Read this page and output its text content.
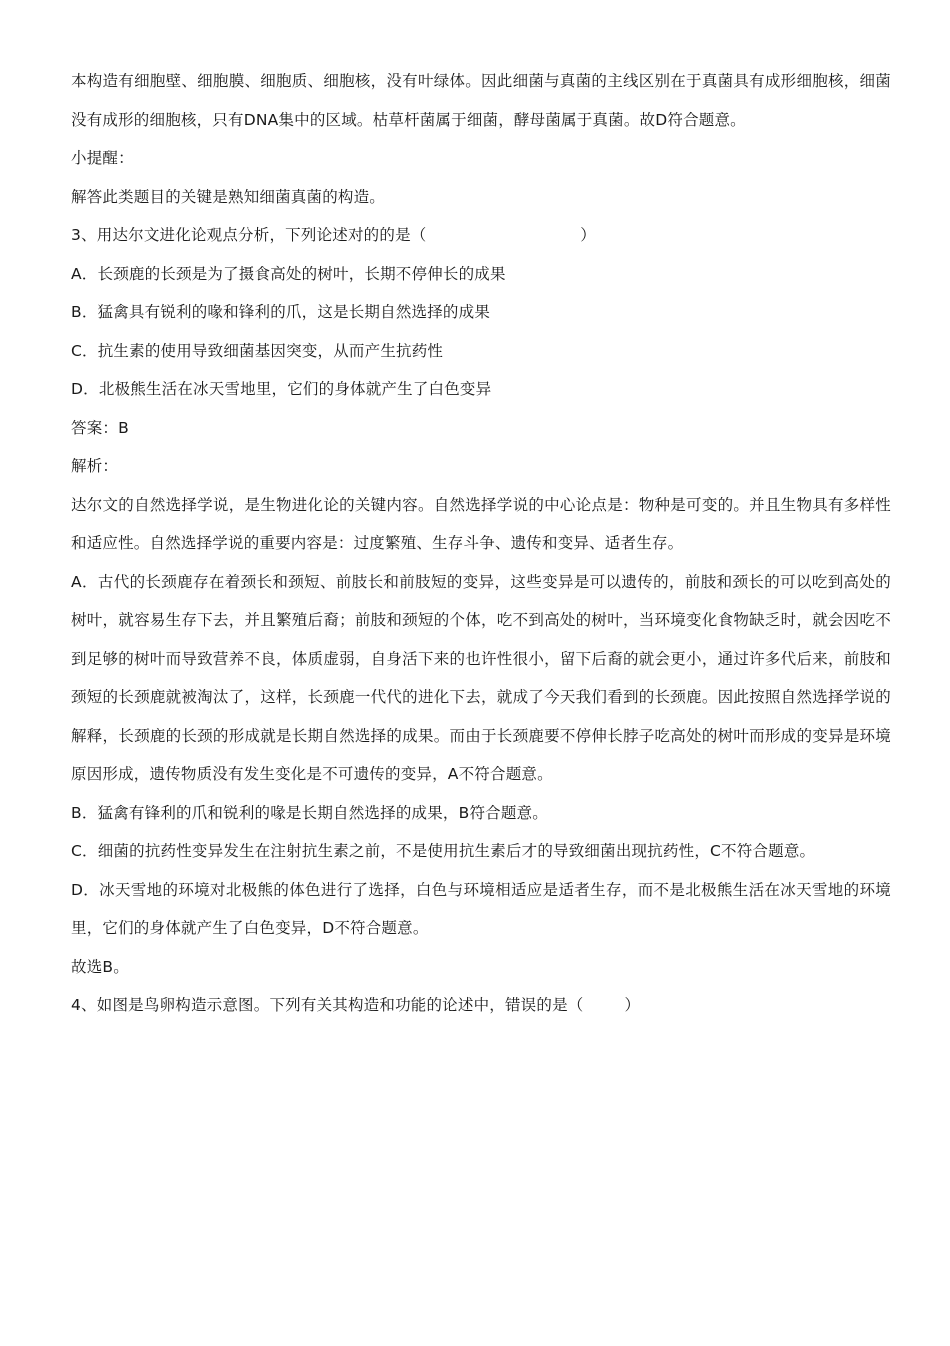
本构造有细胞壁、细胞膜、细胞质、细胞核，没有叶绿体。因此细菌与真菌的主线区别在于真菌具有成形细胞核，细菌没有成形的细胞核，只有DNA集中的区域。枯草杆菌属于细菌，酵母菌属于真菌。故D符合题意。

小提醒：

解答此类题目的关键是熟知细菌真菌的构造。

3、用达尔文进化论观点分析，下列论述对的的是（                              ）

A．长颈鹿的长颈是为了摄食高处的树叶，长期不停伸长的成果

B．猛禽具有锐利的喙和锋利的爪，这是长期自然选择的成果

C．抗生素的使用导致细菌基因突变，从而产生抗药性

D．北极熊生活在冰天雪地里，它们的身体就产生了白色变异

答案：B

解析：

达尔文的自然选择学说，是生物进化论的关键内容。自然选择学说的中心论点是：物种是可变的。并且生物具有多样性和适应性。自然选择学说的重要内容是：过度繁殖、生存斗争、遗传和变异、适者生存。

A．古代的长颈鹿存在着颈长和颈短、前肢长和前肢短的变异，这些变异是可以遗传的，前肢和颈长的可以吃到高处的树叶，就容易生存下去，并且繁殖后裔；前肢和颈短的个体，吃不到高处的树叶，当环境变化食物缺乏时，就会因吃不到足够的树叶而导致营养不良，体质虚弱，自身活下来的也许性很小，留下后裔的就会更小，通过许多代后来，前肢和颈短的长颈鹿就被淘汰了，这样，长颈鹿一代代的进化下去，就成了今天我们看到的长颈鹿。因此按照自然选择学说的解释，长颈鹿的长颈的形成就是长期自然选择的成果。而由于长颈鹿要不停伸长脖子吃高处的树叶而形成的变异是环境原因形成，遗传物质没有发生变化是不可遗传的变异，A不符合题意。

B．猛禽有锋利的爪和锐利的喙是长期自然选择的成果，B符合题意。

C．细菌的抗药性变异发生在注射抗生素之前，不是使用抗生素后才的导致细菌出现抗药性，C不符合题意。

D．冰天雪地的环境对北极熊的体色进行了选择，白色与环境相适应是适者生存，而不是北极熊生活在冰天雪地的环境里，它们的身体就产生了白色变异，D不符合题意。

故选B。

4、如图是鸟卵构造示意图。下列有关其构造和功能的论述中，错误的是（        ）
